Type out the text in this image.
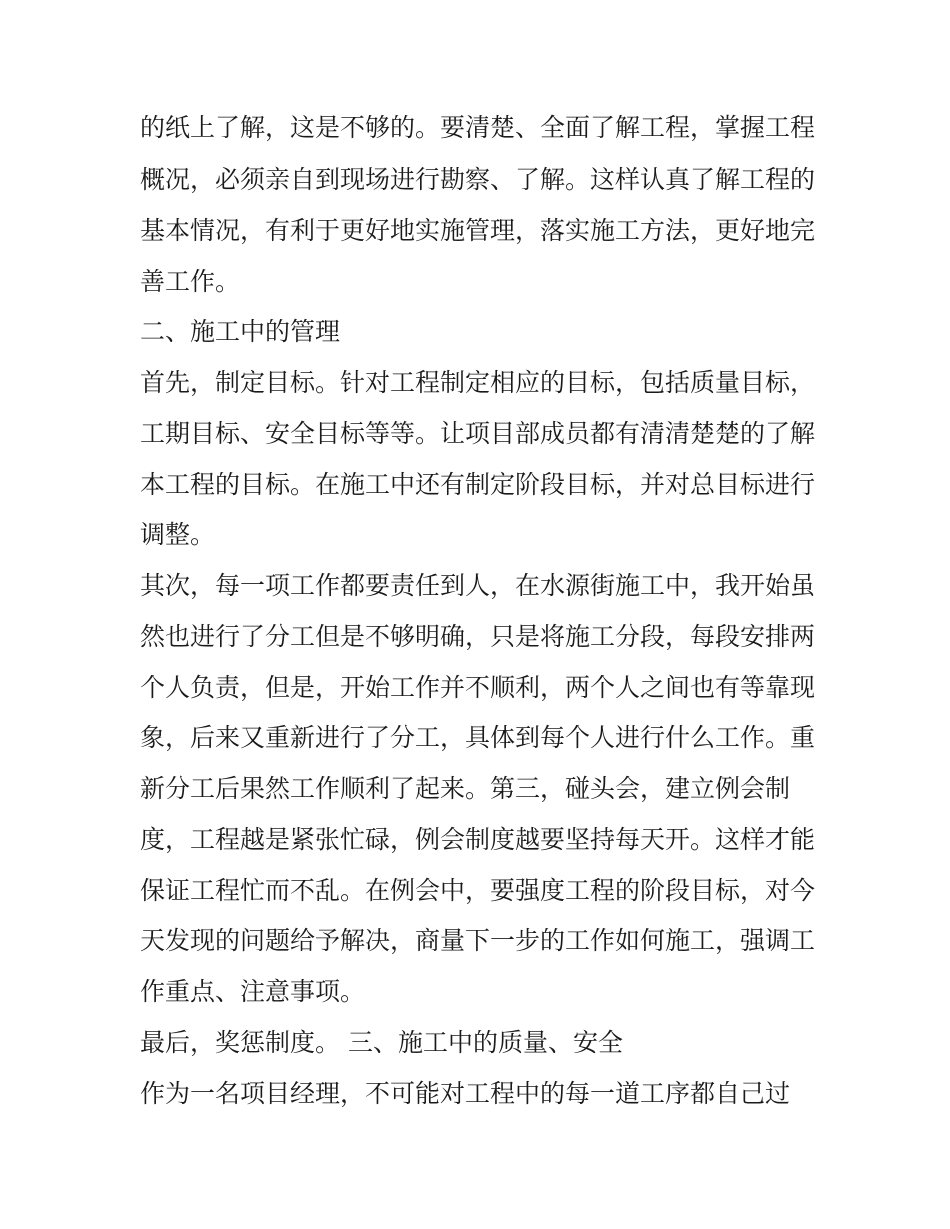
的纸上了解，这是不够的。要清楚、全面了解工程，掌握工程
概况，必须亲自到现场进行勘察、了解。这样认真了解工程的
基本情况，有利于更好地实施管理，落实施工方法，更好地完
善工作。
二、施工中的管理
首先，制定目标。针对工程制定相应的目标，包括质量目标，
工期目标、安全目标等等。让项目部成员都有清清楚楚的了解
本工程的目标。在施工中还有制定阶段目标，并对总目标进行
调整。
其次，每一项工作都要责任到人，在水源街施工中，我开始虽
然也进行了分工但是不够明确，只是将施工分段，每段安排两
个人负责，但是，开始工作并不顺利，两个人之间也有等靠现
象，后来又重新进行了分工，具体到每个人进行什么工作。重
新分工后果然工作顺利了起来。第三，碰头会，建立例会制
度，工程越是紧张忙碌，例会制度越要坚持每天开。这样才能
保证工程忙而不乱。在例会中，要强度工程的阶段目标，对今
天发现的问题给予解决，商量下一步的工作如何施工，强调工
作重点、注意事项。
最后，奖惩制度。 三、施工中的质量、安全
作为一名项目经理，不可能对工程中的每一道工序都自己过
